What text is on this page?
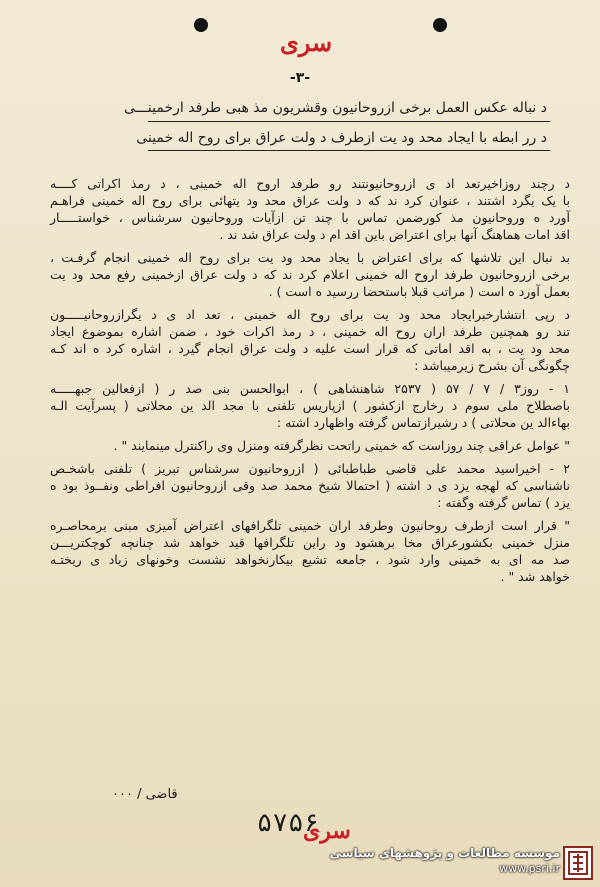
سری
-۳-
د نباله عکس العمل برخی ازروحانیون وقشریون مذ هبی طرفد ارخمینـــی
د رر ابطه با ایجاد محد ود یت ازطرف د ولت عراق برای روح اله خمینی
د رچند روزاخیرتعد اد ی ازروحانیونتند رو طرفد اروح اله خمینی ، د رمذ اکراتی کــــه
با یک یگرد اشتند ، عنوان کرد ند که د ولت عراق محد ود یتهائی برای روح اله خمینی فراهـم
آورد ه وروحانیون مذ کورضمن تماس با چند تن ازآیات وروحانیون سرشناس ، خواستـــــار
اقد امات هماهنگ آنها برای اعتراض باین اقد ام د ولت عراق شد ند .
بد نبال این تلاشها که برای اعتراض با یجاد محد ود یت برای روح اله خمینی انجام گرفـت ،
برخی ازروحانیون طرفد اروح اله خمینی اعلام کرد ند که د ولت عراق ازخمینی رفع محد ود یت
بعمل آورد ه است ( مراتب قبلا باستحضا ررسید ه است ) .
د رپی انتشارخبرایجاد محد ود یت برای روح اله خمینی ، تعد اد ی د یگرازروحانیـــــون
تند رو همچنین طرفد اران روح اله خمینی ، د رمذ اکرات خود ، ضمن اشاره بموضوع ایجاد
محد ود یت ، به اقد اماتی که قرار است علیه د ولت عراق انجام گیرد ، اشاره کرد ه اند کـه
چگونگی آن بشرح زیرمیباشد :
۱ - روز۳ / ۷ / ۵۷ ( ۲۵۳۷ شاهنشاهی ) ، ابوالحسن بنی صد ر ( ازفعالین جبهـــــه
باصطلاح ملی سوم د رخارج ازکشور ) ازپاریس تلفنی با مجد الد ین محلاتی ( پسرآیت الـه
بهاءالد ین محلاتی ) د رشیرازتماس گرفته واظهارد اشته :
" عوامل عراقی چند روزاست که خمینی راتحت نظرگرفته ومنزل وی راکنترل مینمایند " .
۲ - اخیراسید محمد علی قاضی طباطبائی ( ازروحانیون سرشناس تبریز ) تلفنی باشخـص
ناشناسی که لهجه یزد ی د اشته ( احتمالا شیخ محمد صد وقی ازروحانیون افراطی ونفــوذ بود ه
یزد ) تماس گرفته وگفته :
" قرار است ازطرف روحانیون وطرفد اران خمینی تلگرافهای اعتراض آمیزی مبنی برمحاصـره
منزل خمینی بکشورعراق مخا برهشود ود راین تلگرافها قید خواهد شد چنانچه کوچکتریـــن
صد مه ای به خمینی وارد شود ، جامعه تشیع بیکارنخواهد نشست وخونهای زیاد ی ریختـه
خواهد شد " .
قاضی / ۰۰۰
۵۷۵۶
سری
موسسه مطالعات و پژوهشهای سیاسی
www.psri.ir
